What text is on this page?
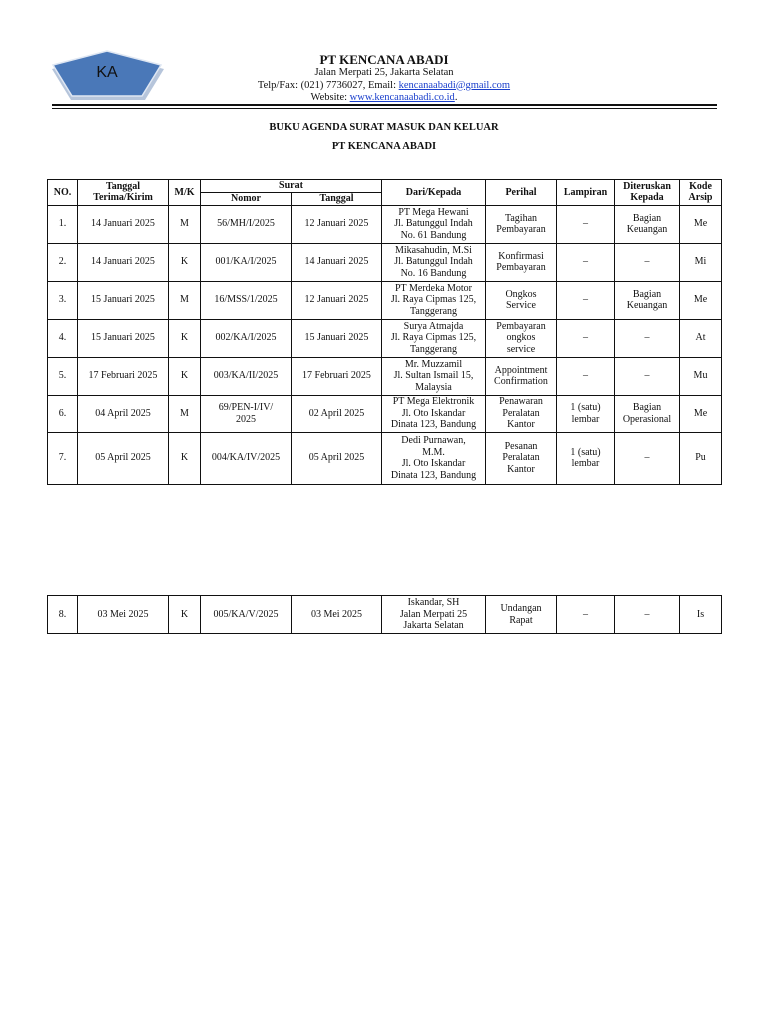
KA
PT KENCANA ABADI
Jalan Merpati 25, Jakarta Selatan
Telp/Fax: (021) 7736027, Email: kencanaabadi@gmail.com
Website: www.kencanaabadi.co.id.
BUKU AGENDA SURAT MASUK DAN KELUAR
PT KENCANA ABADI
NO.	Tanggal
Terima/Kirim	M/K	Surat		Dari/Kepada	Perihal	Lampiran	Diteruskan
Kepada	Kode
Arsip
			Nomor	Tanggal					
1.	14 Januari 2025	M	56/MH/I/2025	12 Januari 2025	PT Mega Hewani
Jl. Batunggul Indah
No. 61 Bandung	Tagihan
Pembayaran	–	Bagian
Keuangan	Me
2.	14 Januari 2025	K	001/KA/I/2025	14 Januari 2025	Mikasahudin, M.Si
Jl. Batunggul Indah
No. 16 Bandung	Konfirmasi
Pembayaran	–	–	Mi
3.	15 Januari 2025	M	16/MSS/1/2025	12 Januari 2025	PT Merdeka Motor
Jl. Raya Cipmas 125,
Tanggerang	Ongkos
Service	–	Bagian
Keuangan	Me
4.	15 Januari 2025	K	002/KA/I/2025	15 Januari 2025	Surya Atmajda
Jl. Raya Cipmas 125,
Tanggerang	Pembayaran
ongkos
service	–	–	At
5.	17 Februari 2025	K	003/KA/II/2025	17 Februari 2025	Mr. Muzzamil
Jl. Sultan Ismail 15,
Malaysia	Appointment
Confirmation	–	–	Mu
6.	04 April 2025	M	69/PEN-I/IV/
2025	02 April 2025	PT Mega Elektronik
Jl. Oto Iskandar
Dinata 123, Bandung	Penawaran
Peralatan
Kantor	1 (satu)
lembar	Bagian
Operasional	Me
7.	05 April 2025	K	004/KA/IV/2025	05 April 2025	Dedi Purnawan,
M.M.
Jl. Oto Iskandar
Dinata 123, Bandung	Pesanan
Peralatan
Kantor	1 (satu)
lembar	–	Pu
8.	03 Mei 2025	K	005/KA/V/2025	03 Mei 2025	Iskandar, SH
Jalan Merpati 25
Jakarta Selatan	Undangan
Rapat	–	–	Is
